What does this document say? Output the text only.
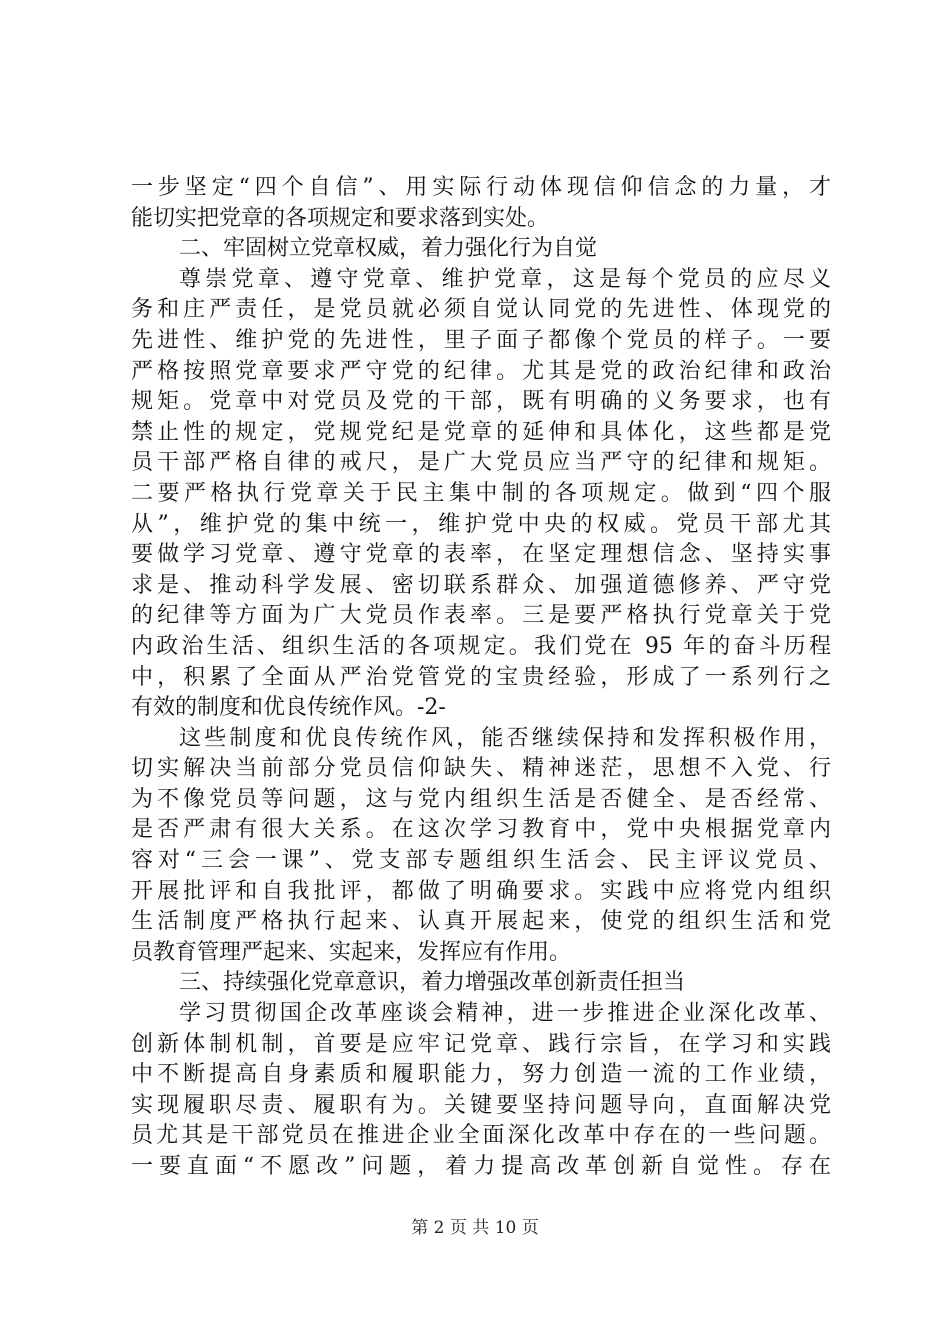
一步坚定“四个自信”、用实际行动体现信仰信念的力量，才
能切实把党章的各项规定和要求落到实处。
二、牢固树立党章权威，着力强化行为自觉
尊崇党章、遵守党章、维护党章，这是每个党员的应尽义
务和庄严责任，是党员就必须自觉认同党的先进性、体现党的
先进性、维护党的先进性，里子面子都像个党员的样子。一要
严格按照党章要求严守党的纪律。尤其是党的政治纪律和政治
规矩。党章中对党员及党的干部，既有明确的义务要求，也有
禁止性的规定，党规党纪是党章的延伸和具体化，这些都是党
员干部严格自律的戒尺，是广大党员应当严守的纪律和规矩。
二要严格执行党章关于民主集中制的各项规定。做到“四个服
从”，维护党的集中统一，维护党中央的权威。党员干部尤其
要做学习党章、遵守党章的表率，在坚定理想信念、坚持实事
求是、推动科学发展、密切联系群众、加强道德修养、严守党
的纪律等方面为广大党员作表率。三是要严格执行党章关于党
内政治生活、组织生活的各项规定。我们党在 95 年的奋斗历程
中，积累了全面从严治党管党的宝贵经验，形成了一系列行之
有效的制度和优良传统作风。-2-
这些制度和优良传统作风，能否继续保持和发挥积极作用，
切实解决当前部分党员信仰缺失、精神迷茫，思想不入党、行
为不像党员等问题，这与党内组织生活是否健全、是否经常、
是否严肃有很大关系。在这次学习教育中，党中央根据党章内
容对“三会一课”、党支部专题组织生活会、民主评议党员、
开展批评和自我批评，都做了明确要求。实践中应将党内组织
生活制度严格执行起来、认真开展起来，使党的组织生活和党
员教育管理严起来、实起来，发挥应有作用。
三、持续强化党章意识，着力增强改革创新责任担当
学习贯彻国企改革座谈会精神，进一步推进企业深化改革、
创新体制机制，首要是应牢记党章、践行宗旨，在学习和实践
中不断提高自身素质和履职能力，努力创造一流的工作业绩，
实现履职尽责、履职有为。关键要坚持问题导向，直面解决党
员尤其是干部党员在推进企业全面深化改革中存在的一些问题。
一要直面“不愿改”问题，着力提高改革创新自觉性。存在
第 2 页 共 10 页
